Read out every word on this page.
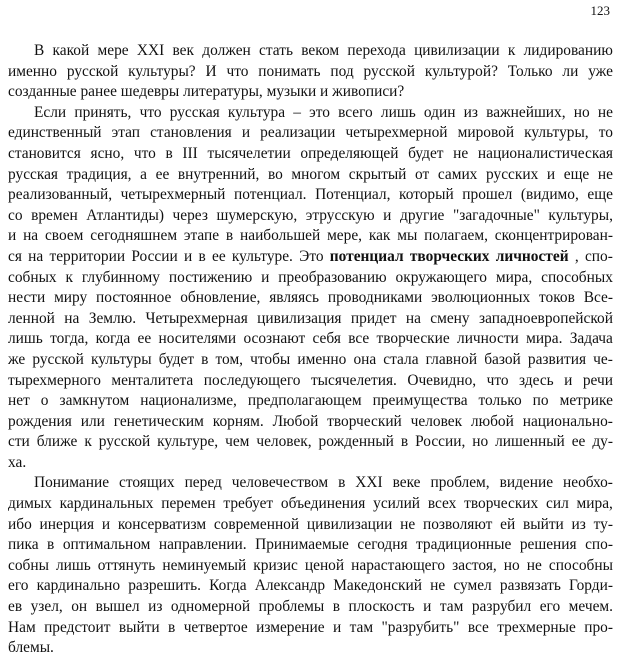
123
В какой мере XXI век должен стать веком перехода цивилизации к лидированию
именно русской культуры? И что понимать под русской культурой? Только ли уже
созданные ранее шедевры литературы, музыки и живописи?
Если принять, что русская культура – это всего лишь один из важнейших, но не
единственный этап становления и реализации четырехмерной мировой культуры, то
становится ясно, что в III тысячелетии определяющей будет не националистическая
русская традиция, а ее внутренний, во многом скрытый от самих русских и еще не
реализованный, четырехмерный потенциал. Потенциал, который прошел (видимо, еще
со времен Атлантиды) через шумерскую, этрусскую и другие "загадочные" культуры,
и на своем сегодняшнем этапе в наибольшей мере, как мы полагаем, сконцентрирован-
ся на территории России и в ее культуре. Это потенциал творческих личностей , спо-
собных к глубинному постижению и преобразованию окружающего мира, способных
нести миру постоянное обновление, являясь проводниками эволюционных токов Все-
ленной на Землю. Четырехмерная цивилизация придет на смену западноевропейской
лишь тогда, когда ее носителями осознают себя все творческие личности мира. Задача
же русской культуры будет в том, чтобы именно она стала главной базой развития че-
тырехмерного менталитета последующего тысячелетия. Очевидно, что здесь и речи
нет о замкнутом национализме, предполагающем преимущества только по метрике
рождения или генетическим корням. Любой творческий человек любой национально-
сти ближе к русской культуре, чем человек, рожденный в России, но лишенный ее ду-
ха.
Понимание стоящих перед человечеством в XXI веке проблем, видение необхо-
димых кардинальных перемен требует объединения усилий всех творческих сил мира,
ибо инерция и консерватизм современной цивилизации не позволяют ей выйти из ту-
пика в оптимальном направлении. Принимаемые сегодня традиционные решения спо-
собны лишь оттянуть неминуемый кризис ценой нарастающего застоя, но не способны
его кардинально разрешить. Когда Александр Македонский не сумел развязать Горди-
ев узел, он вышел из одномерной проблемы в плоскость и там разрубил его мечем.
Нам предстоит выйти в четвертое измерение и там "разрубить" все трехмерные про-
блемы.
